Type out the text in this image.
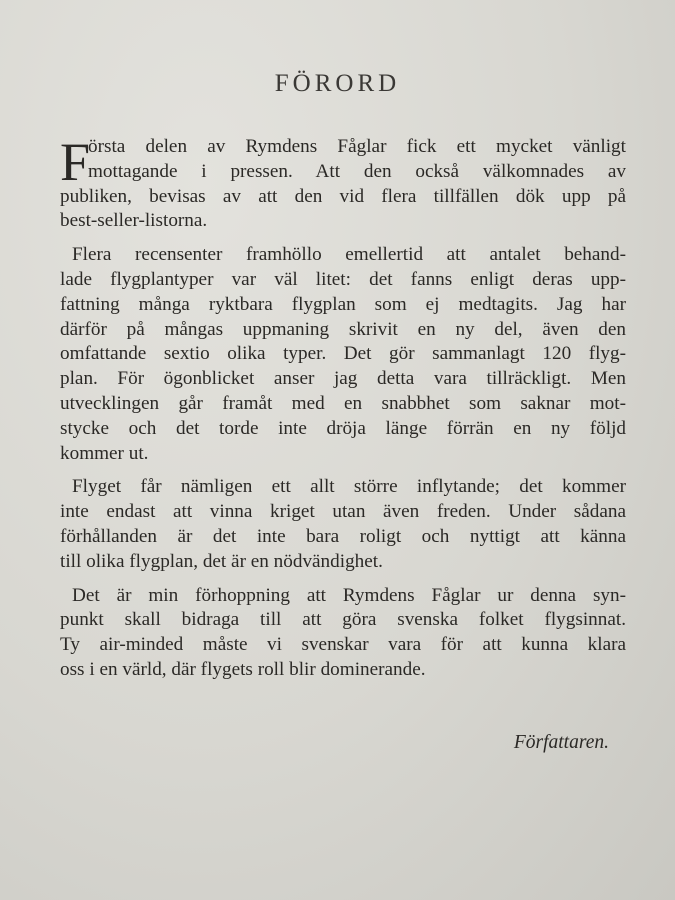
FÖRORD
F
örsta delen av Rymdens Fåglar fick ett mycket vänligt
mottagande i pressen. Att den också välkomnades av
publiken, bevisas av att den vid flera tillfällen dök upp på
best-seller-listorna.
Flera recensenter framhöllo emellertid att antalet behand-
lade flygplantyper var väl litet: det fanns enligt deras upp-
fattning många ryktbara flygplan som ej medtagits. Jag har
därför på mångas uppmaning skrivit en ny del, även den
omfattande sextio olika typer. Det gör sammanlagt 120 flyg-
plan. För ögonblicket anser jag detta vara tillräckligt. Men
utvecklingen går framåt med en snabbhet som saknar mot-
stycke och det torde inte dröja länge förrän en ny följd
kommer ut.
Flyget får nämligen ett allt större inflytande; det kommer
inte endast att vinna kriget utan även freden. Under sådana
förhållanden är det inte bara roligt och nyttigt att känna
till olika flygplan, det är en nödvändighet.
Det är min förhoppning att Rymdens Fåglar ur denna syn-
punkt skall bidraga till att göra svenska folket flygsinnat.
Ty air-minded måste vi svenskar vara för att kunna klara
oss i en värld, där flygets roll blir dominerande.
Författaren.
